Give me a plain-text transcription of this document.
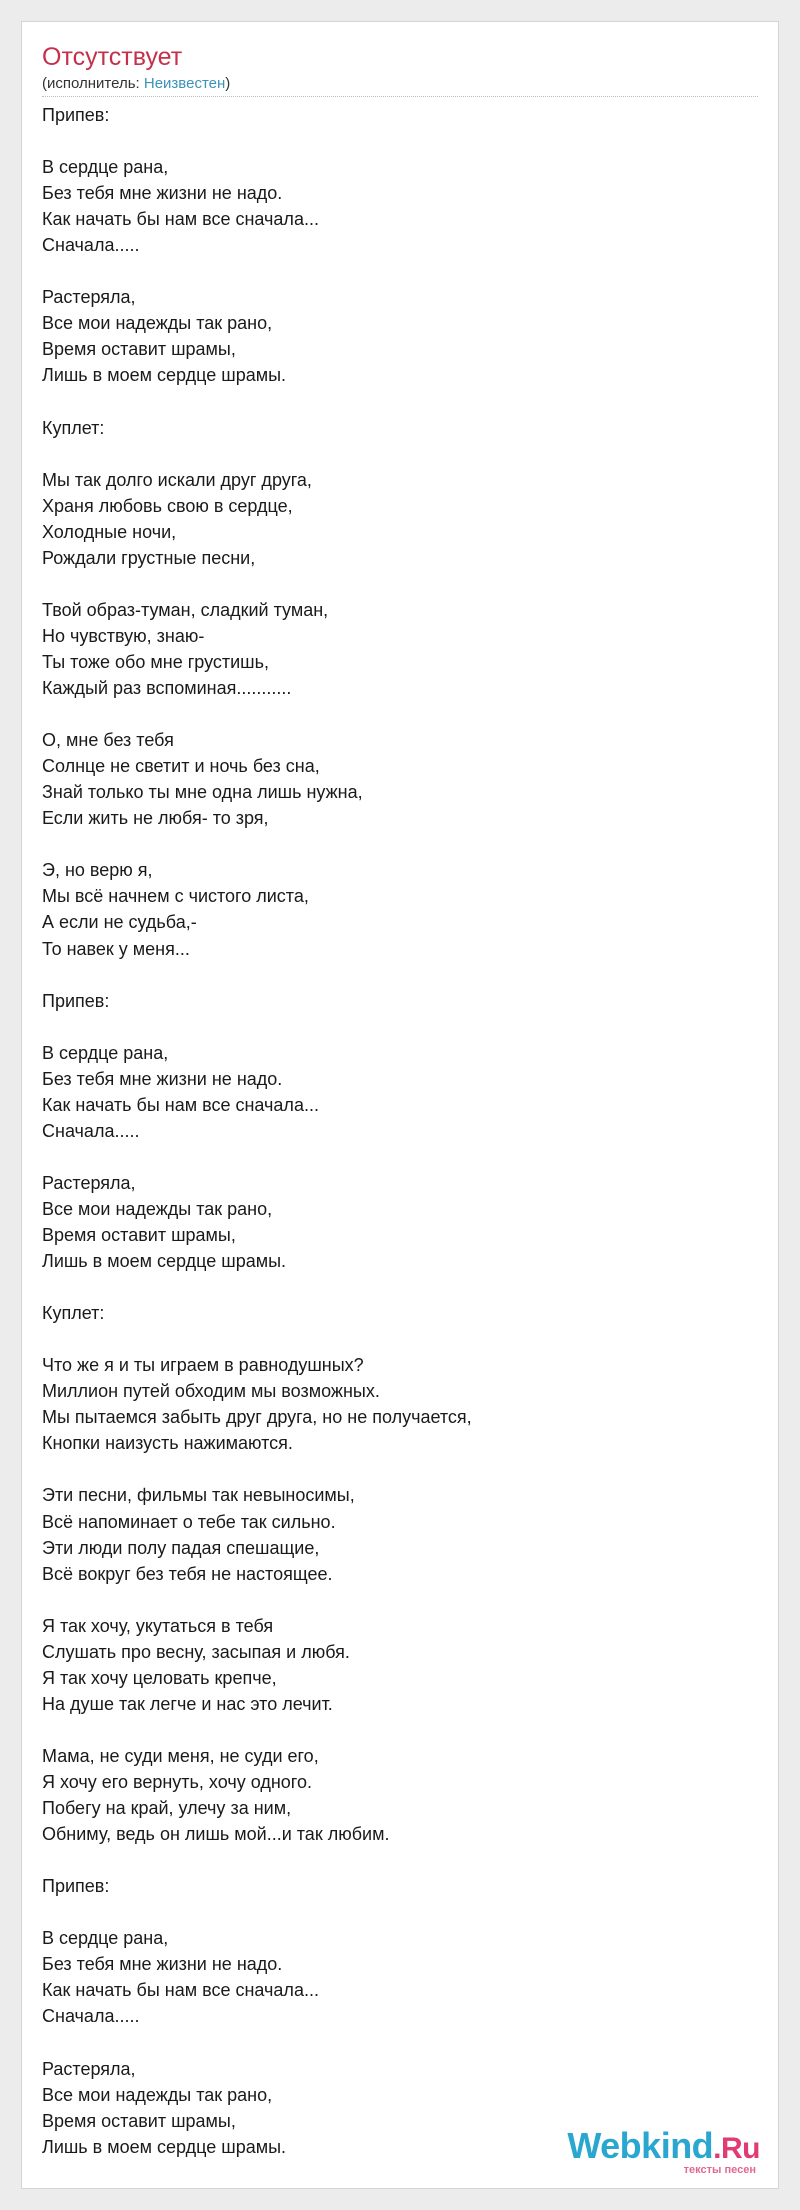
Отсутствует
(исполнитель: Неизвестен)
Припев:
В сердце рана,
Без тебя мне жизни не надо.
Как начать бы нам все сначала...
Сначала.....
Растеряла,
Все мои надежды так рано,
Время оставит шрамы,
Лишь в моем сердце шрамы.
Куплет:
Мы так долго искали друг друга,
Храня любовь свою в сердце,
Холодные ночи,
Рождали грустные песни,
Твой образ-туман, сладкий туман,
Но чувствую, знаю-
Ты тоже обо мне грустишь,
Каждый раз вспоминая...........
О, мне без тебя
Солнце не светит и ночь без сна,
Знай только ты мне одна лишь нужна,
Если жить не любя- то зря,
Э, но верю я,
Мы всё начнем с чистого листа,
А если не судьба,-
То навек у меня...
Припев:
В сердце рана,
Без тебя мне жизни не надо.
Как начать бы нам все сначала...
Сначала.....
Растеряла,
Все мои надежды так рано,
Время оставит шрамы,
Лишь в моем сердце шрамы.
Куплет:
Что же я и ты играем в равнодушных?
Миллион путей обходим мы возможных.
Мы пытаемся забыть друг друга, но не получается,
Кнопки наизусть нажимаются.
Эти песни, фильмы так невыносимы,
Всё напоминает о тебе так сильно.
Эти люди полу падая спешащие,
Всё вокруг без тебя не настоящее.
Я так хочу, укутаться в тебя
Слушать про весну, засыпая и любя.
Я так хочу целовать крепче,
На душе так легче и нас это лечит.
Мама, не суди меня, не суди его,
Я хочу его вернуть, хочу одного.
Побегу на край, улечу за ним,
Обниму, ведь он лишь мой...и так любим.
Припев:
В сердце рана,
Без тебя мне жизни не надо.
Как начать бы нам все сначала...
Сначала.....
Растеряла,
Все мои надежды так рано,
Время оставит шрамы,
Лишь в моем сердце шрамы.	Webkind.Ru
тексты песен
